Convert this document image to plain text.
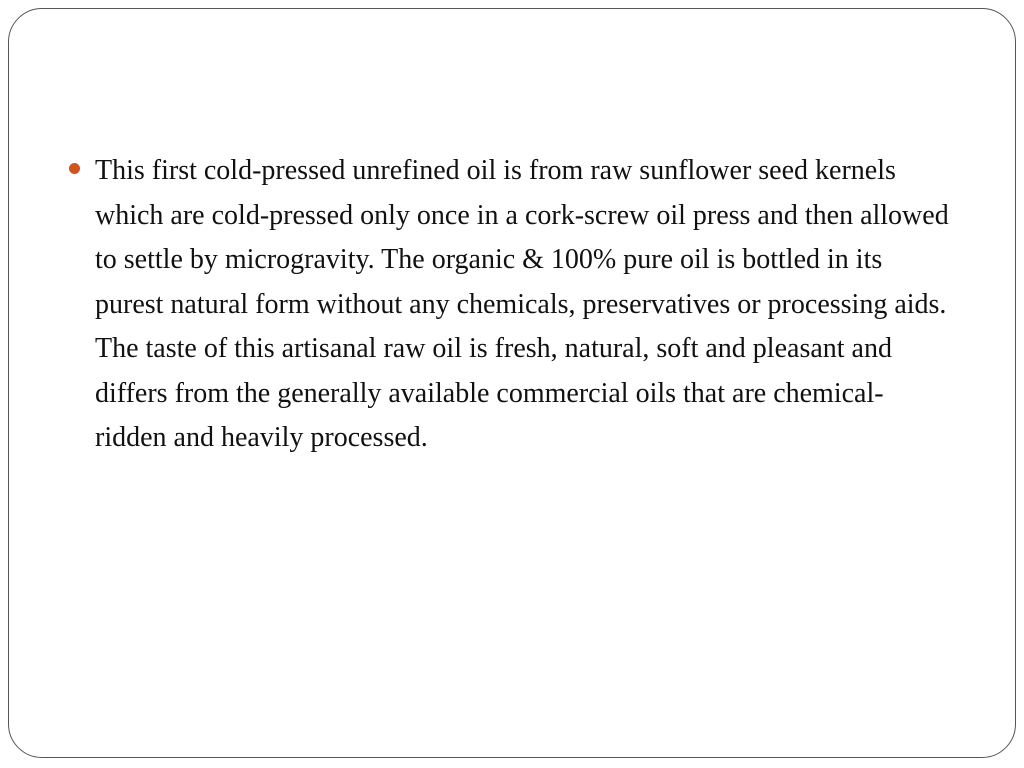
This first cold-pressed unrefined oil is from raw sunflower seed kernels which are cold-pressed only once in a cork-screw oil press and then allowed to settle by microgravity. The organic & 100% pure oil is bottled in its purest natural form without any chemicals, preservatives or processing aids. The taste of this artisanal raw oil is fresh, natural, soft and pleasant and differs from the generally available commercial oils that are chemical-ridden and heavily processed.
